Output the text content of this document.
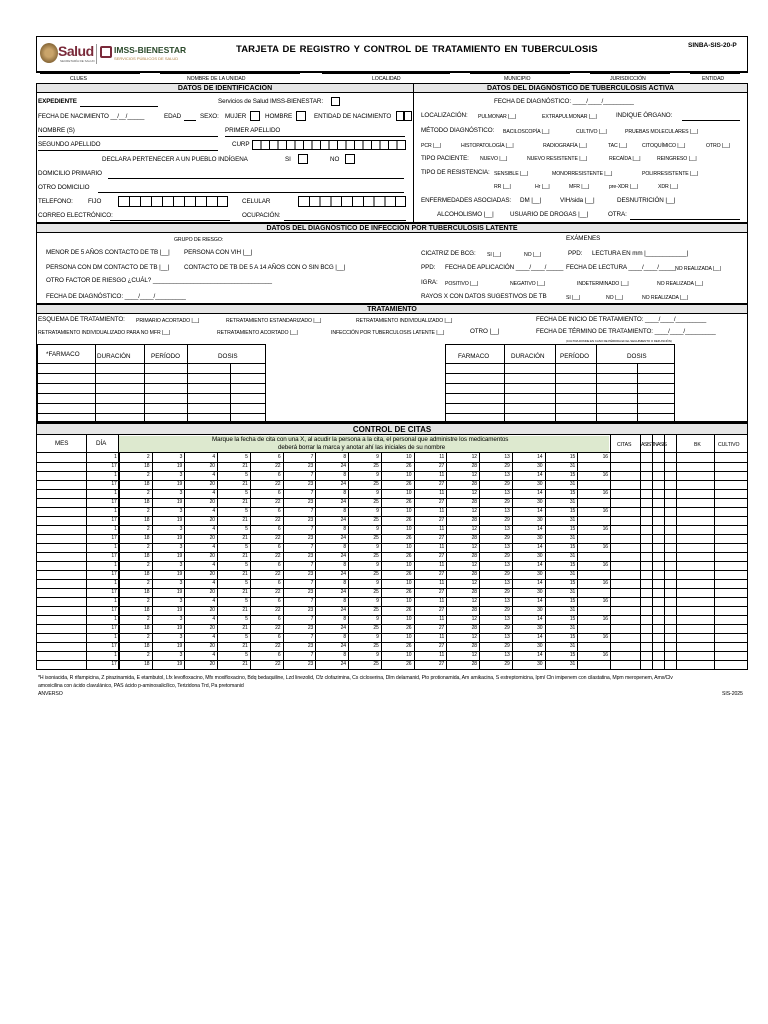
Salud
SECRETARÍA DE SALUD
IMSS-BIENESTAR
SERVICIOS PÚBLICOS DE SALUD
TARJETA DE REGISTRO Y CONTROL DE TRATAMIENTO EN TUBERCULOSIS	SINBA-SIS-20-P
CLUES	NOMBRE DE LA UNIDAD	LOCALIDAD	MUNICIPIO	JURISDICCIÓN	ENTIDAD
DATOS DE IDENTIFICACIÓN	DATOS DEL DIAGNÓSTICO DE TUBERCULOSIS ACTIVA
EXPEDIENTE	Servicios de Salud IMSS-BIENESTAR:
FECHA DE NACIMIENTO __/__/_____	EDAD	SEXO: MUJER	HOMBRE	ENTIDAD DE NACIMIENTO
NOMBRE (S)	PRIMER APELLIDO
SEGUNDO APELLIDO	CURP
DECLARA PERTENECER A UN PUEBLO INDÍGENA	SI	NO
DOMICILIO PRIMARIO
OTRO DOMICILIO
TELEFONO: FIJO	CELULAR
CORREO ELECTRÓNICO:	OCUPACIÓN:
FECHA DE DIAGNÓSTICO: ____/____/_________
LOCALIZACIÓN: PULMONAR |__|	EXTRAPULMONAR |__|	INDIQUE ÓRGANO:
MÉTODO DIAGNÓSTICO: BACILOSCOPÍA |__|	CULTIVO |__|	PRUEBAS MOLECULARES |__|
PCR |__|	HISTOPATOLOGÍA |__|	RADIOGRAFÍA |__|	TAC |__|	CITOQUÍMICO |__|	OTRO |__|
TIPO PACIENTE: NUEVO |__|	NUEVO RESISTENTE |__|	RECAÍDA |__|	REINGRESO |__|
TIPO DE RESISTENCIA: SENSIBLE |__|	MONORRESISTENTE |__|	POLIRRESISTENTE |__|
RR |__|	Hr |__|	MFR |__|	pre-XDR |__|	XDR |__|
ENFERMEDADES ASOCIADAS: DM |__|	VIH/sida |__|	DESNUTRICIÓN |__|
ALCOHOLISMO |__|	USUARIO DE DROGAS |__|	OTRA:
DATOS DEL DIAGNÓSTICO DE INFECCIÓN POR TUBERCULOSIS LATENTE
GRUPO DE RIESGO:	EXÁMENES
MENOR DE 5 AÑOS CONTACTO DE TB |__| PERSONA CON VIH |__|
PERSONA CON DM CONTACTO DE TB |__| CONTACTO DE TB DE 5 A 14 AÑOS CON O SIN BCG |__|
OTRO FACTOR DE RIESGO ¿CUÁL? ___________________________________
FECHA DE DIAGNÓSTICO: ____/____/_________
CICATRIZ DE BCG: SI |__|	NO |__|	PPD: LECTURA EN mm |____________|
PPD: FECHA DE APLICACIÓN ____/____/_____ FECHA DE LECTURA ____/____/_____ NO REALIZADA |__|
IGRA: POSITIVO |__|	NEGATIVO |__|	INDETERMINADO |__|	NO REALIZADA |__|
RAYOS X CON DATOS SUGESTIVOS DE TB	SI |__|	NO |__|	NO REALIZADA |__|
TRATAMIENTO
ESQUEMA DE TRATAMIENTO: PRIMARIO ACORTADO |__|	RETRATAMIENTO ESTANDARIZADO |__|	RETRATAMIENTO INDIVIDUALIZADO |__|	FECHA DE INICIO DE TRATAMIENTO: ____/____/_________
RETRATAMIENTO INDIVIDUALIZADO PARA NO MFR |__|	RETRATAMIENTO ACORTADO |__|	INFECCIÓN POR TUBERCULOSIS LATENTE |__|	OTRO |__|	FECHA DE TÉRMINO DE TRATAMIENTO: ____/____/_________
(CULTIVA DONDE EN CASO DE PÉRDIDA EN EL SEGUIMIENTO O DEFUNCIÓN)
*FARMACO	DURACIÓN	PERÍODO	DOSIS	

					FARMACO	DURACIÓN	PERÍODO	DOSIS	

CONTROL DE CITAS
MES	DÍA
Marque la fecha de cita con una X, al acudir la persona a la cita, el personal que administre los medicamentos
deberá borrar la marca y anotar ahí las iniciales de su nombre	CITAS ASIST INASIS	BK	CULTIVO
1	2	3	4	5	6	7	8	9	10	11	12	13	14	15	16
17	18	19	20	21	22	23	24	25	26	27	28	29	30	31
1	2	3	4	5	6	7	8	9	10	11	12	13	14	15	16
17	18	19	20	21	22	23	24	25	26	27	28	29	30	31
1	2	3	4	5	6	7	8	9	10	11	12	13	14	15	16
17	18	19	20	21	22	23	24	25	26	27	28	29	30	31
1	2	3	4	5	6	7	8	9	10	11	12	13	14	15	16
17	18	19	20	21	22	23	24	25	26	27	28	29	30	31
1	2	3	4	5	6	7	8	9	10	11	12	13	14	15	16
17	18	19	20	21	22	23	24	25	26	27	28	29	30	31
1	2	3	4	5	6	7	8	9	10	11	12	13	14	15	16
17	18	19	20	21	22	23	24	25	26	27	28	29	30	31
1	2	3	4	5	6	7	8	9	10	11	12	13	14	15	16
17	18	19	20	21	22	23	24	25	26	27	28	29	30	31
1	2	3	4	5	6	7	8	9	10	11	12	13	14	15	16
17	18	19	20	21	22	23	24	25	26	27	28	29	30	31
1	2	3	4	5	6	7	8	9	10	11	12	13	14	15	16
17	18	19	20	21	22	23	24	25	26	27	28	29	30	31
1	2	3	4	5	6	7	8	9	10	11	12	13	14	15	16
17	18	19	20	21	22	23	24	25	26	27	28	29	30	31
1	2	3	4	5	6	7	8	9	10	11	12	13	14	15	16
17	18	19	20	21	22	23	24	25	26	27	28	29	30	31
1	2	3	4	5	6	7	8	9	10	11	12	13	14	15	16
17	18	19	20	21	22	23	24	25	26	27	28	29	30	31
*H isoniacida, R rifampicina, Z pirazinamida, E etambutol, Lfx levofloxacino, Mfx moxifloxacino, Bdq bedaquiline, Lzd linezolid, Cfz clofazimina, Cs cicloserina, Dlm delamanid, Pto protionamida, Am amikacina, S estreptomicina, Ipm/ Cln imipenem con cilastatina, Mpm meropenem, Amx/Clv
amoxicilina con ácido clavulánico, PAS ácido p-aminosalicílico, Terizidona Trd, Pa pretomanid
ANVERSO	SIS-2025
